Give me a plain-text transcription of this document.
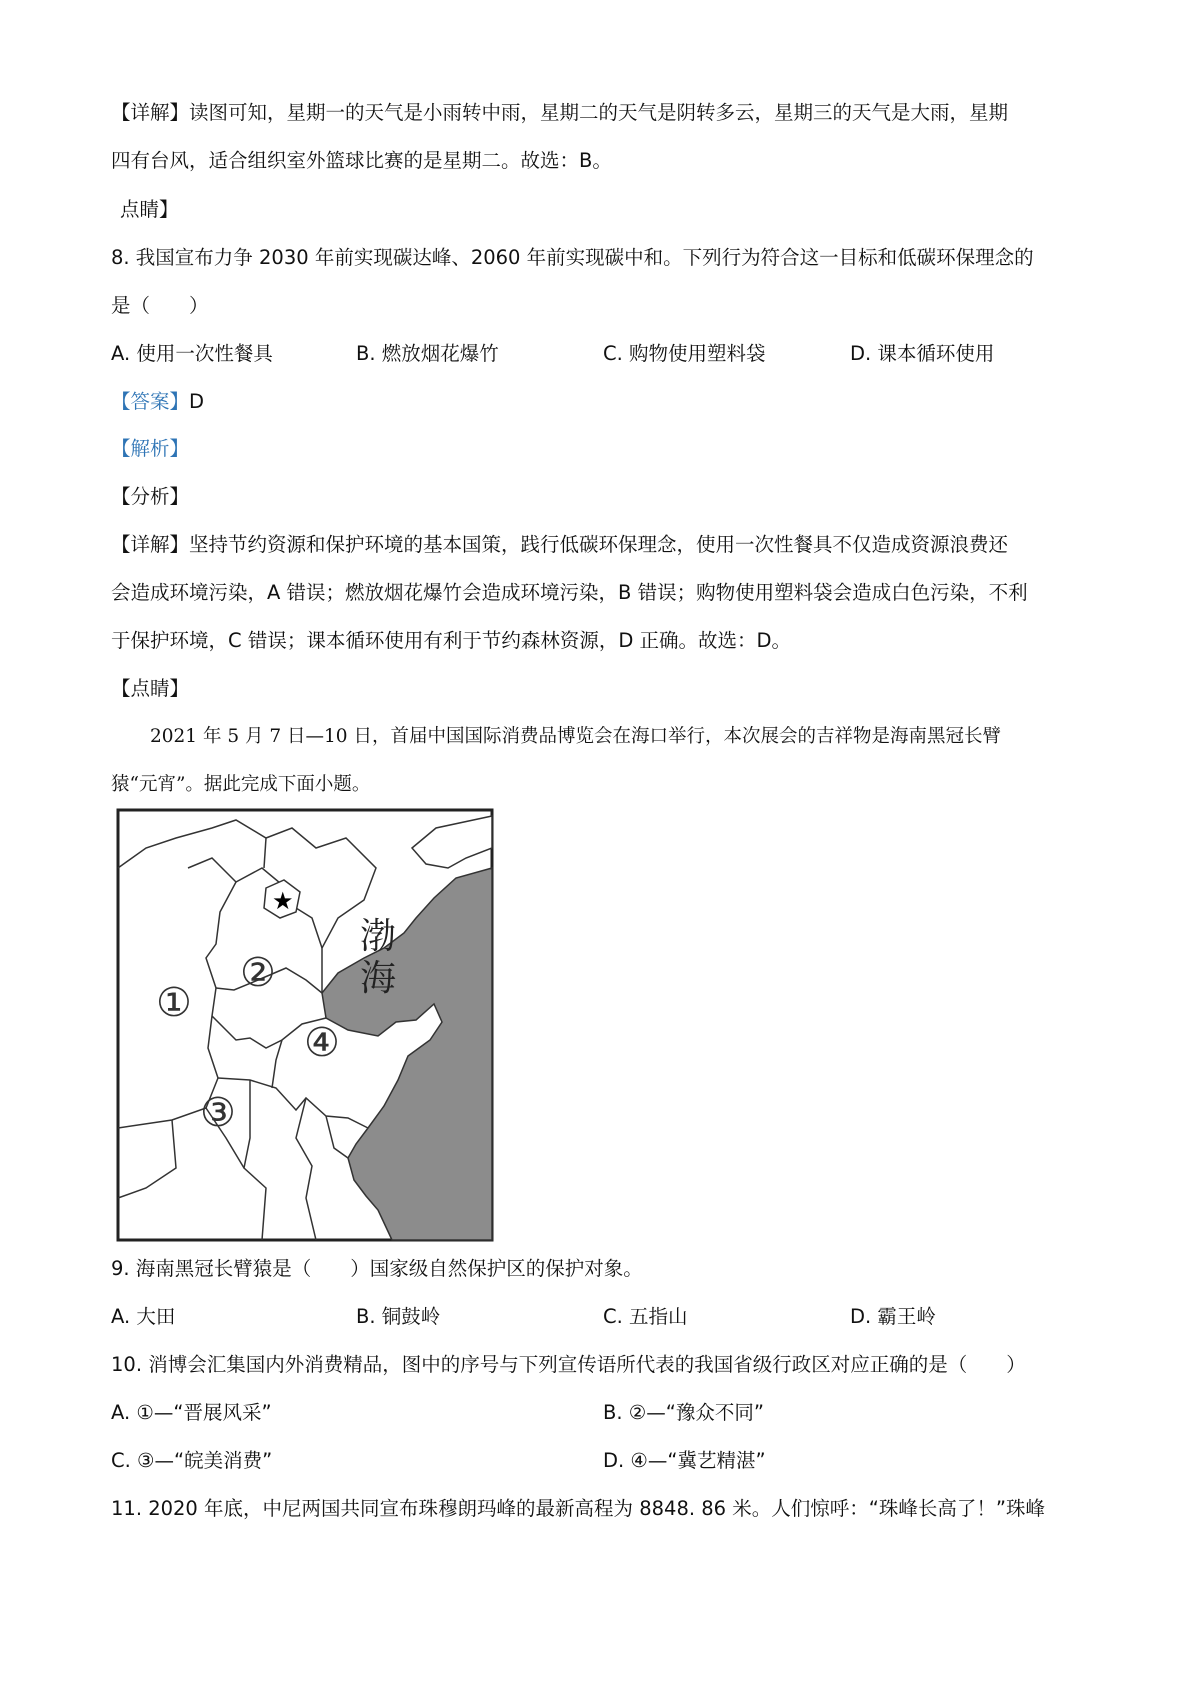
【详解】读图可知，星期一的天气是小雨转中雨，星期二的天气是阴转多云，星期三的天气是大雨，星期
四有台风，适合组织室外篮球比赛的是星期二。故选：B。
点睛】
8. 我国宣布力争 2030 年前实现碳达峰、2060 年前实现碳中和。下列行为符合这一目标和低碳环保理念的
是（　　）
A. 使用一次性餐具	B. 燃放烟花爆竹	C. 购物使用塑料袋	D. 课本循环使用
【答案】D
【解析】
【分析】
【详解】坚持节约资源和保护环境的基本国策，践行低碳环保理念，使用一次性餐具不仅造成资源浪费还
会造成环境污染，A 错误；燃放烟花爆竹会造成环境污染，B 错误；购物使用塑料袋会造成白色污染，不利
于保护环境，C 错误；课本循环使用有利于节约森林资源，D 正确。故选：D。
【点睛】
2021 年 5 月 7 日—10 日，首届中国国际消费品博览会在海口举行，本次展会的吉祥物是海南黑冠长臂
猿“元宵”。据此完成下面小题。
★
渤
海
①
②
③
④
9. 海南黑冠长臂猿是（　　）国家级自然保护区的保护对象。
A. 大田	B. 铜鼓岭	C. 五指山	D. 霸王岭
10. 消博会汇集国内外消费精品，图中的序号与下列宣传语所代表的我国省级行政区对应正确的是（　　）
A. ①—“晋展风采”	B. ②—“豫众不同”
C. ③—“皖美消费”	D. ④—“冀艺精湛”
11. 2020 年底，中尼两国共同宣布珠穆朗玛峰的最新高程为 8848. 86 米。人们惊呼：“珠峰长高了！”珠峰
